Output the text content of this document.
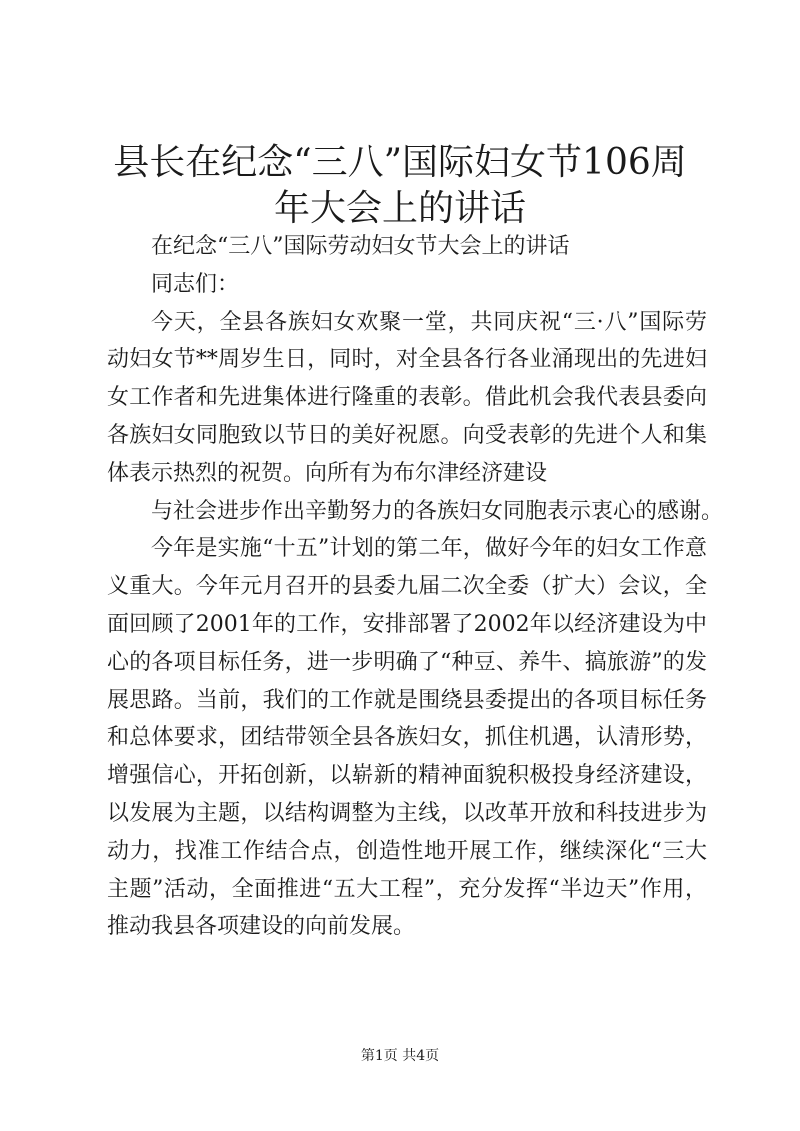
县长在纪念“三八”国际妇女节106周年大会上的讲话

在纪念“三八”国际劳动妇女节大会上的讲话

同志们：

今天，全县各族妇女欢聚一堂，共同庆祝“三·八”国际劳动妇女节**周岁生日，同时，对全县各行各业涌现出的先进妇女工作者和先进集体进行隆重的表彰。借此机会我代表县委向各族妇女同胞致以节日的美好祝愿。向受表彰的先进个人和集体表示热烈的祝贺。向所有为布尔津经济建设

与社会进步作出辛勤努力的各族妇女同胞表示衷心的感谢。

今年是实施“十五”计划的第二年，做好今年的妇女工作意义重大。今年元月召开的县委九届二次全委（扩大）会议，全面回顾了2001年的工作，安排部署了2002年以经济建设为中心的各项目标任务，进一步明确了“种豆、养牛、搞旅游”的发展思路。当前，我们的工作就是围绕县委提出的各项目标任务和总体要求，团结带领全县各族妇女，抓住机遇，认清形势，增强信心，开拓创新，以崭新的精神面貌积极投身经济建设，以发展为主题，以结构调整为主线，以改革开放和科技进步为动力，找准工作结合点，创造性地开展工作，继续深化“三大主题”活动，全面推进“五大工程”，充分发挥“半边天”作用，推动我县各项建设的向前发展。

第1页 共4页
